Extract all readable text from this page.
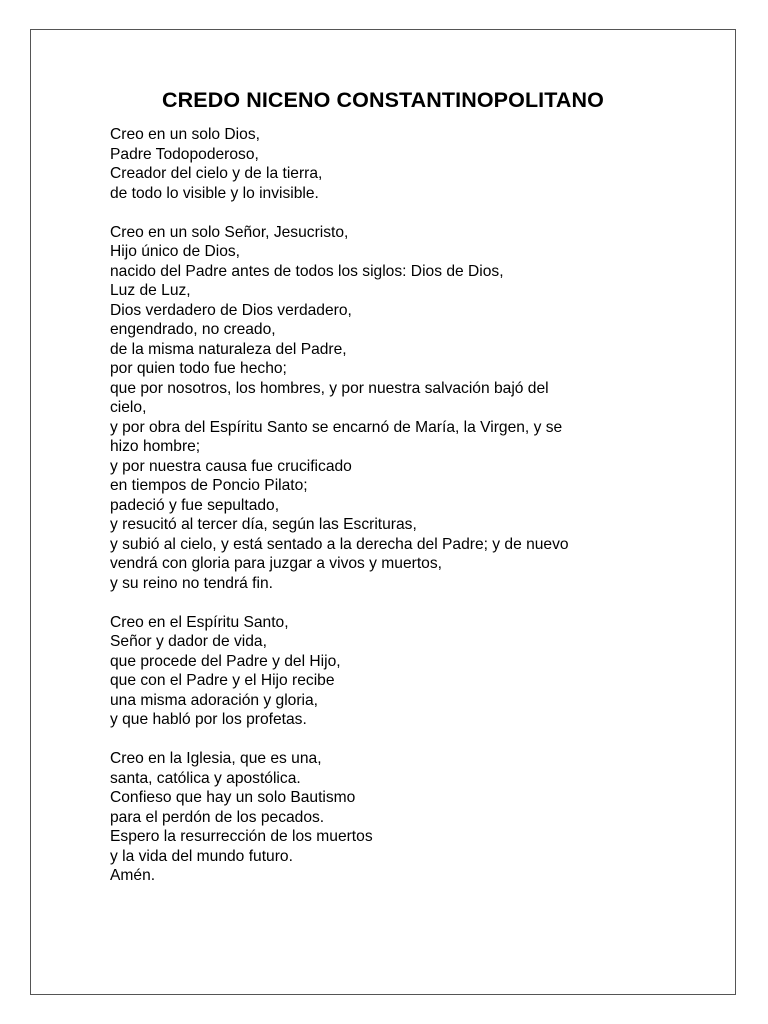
CREDO NICENO CONSTANTINOPOLITANO
Creo en un solo Dios,
Padre Todopoderoso,
Creador del cielo y de la tierra,
de todo lo visible y lo invisible.
Creo en un solo Señor, Jesucristo,
Hijo único de Dios,
nacido del Padre antes de todos los siglos: Dios de Dios,
Luz de Luz,
Dios verdadero de Dios verdadero,
engendrado, no creado,
de la misma naturaleza del Padre,
por quien todo fue hecho;
que por nosotros, los hombres, y por nuestra salvación bajó del
cielo,
y por obra del Espíritu Santo se encarnó de María, la Virgen, y se
hizo hombre;
y por nuestra causa fue crucificado
en tiempos de Poncio Pilato;
padeció y fue sepultado,
y resucitó al tercer día, según las Escrituras,
y subió al cielo, y está sentado a la derecha del Padre; y de nuevo
vendrá con gloria para juzgar a vivos y muertos,
y su reino no tendrá fin.
Creo en el Espíritu Santo,
Señor y dador de vida,
que procede del Padre y del Hijo,
que con el Padre y el Hijo recibe
una misma adoración y gloria,
y que habló por los profetas.
Creo en la Iglesia, que es una,
santa, católica y apostólica.
Confieso que hay un solo Bautismo
para el perdón de los pecados.
Espero la resurrección de los muertos
y la vida del mundo futuro.
Amén.
